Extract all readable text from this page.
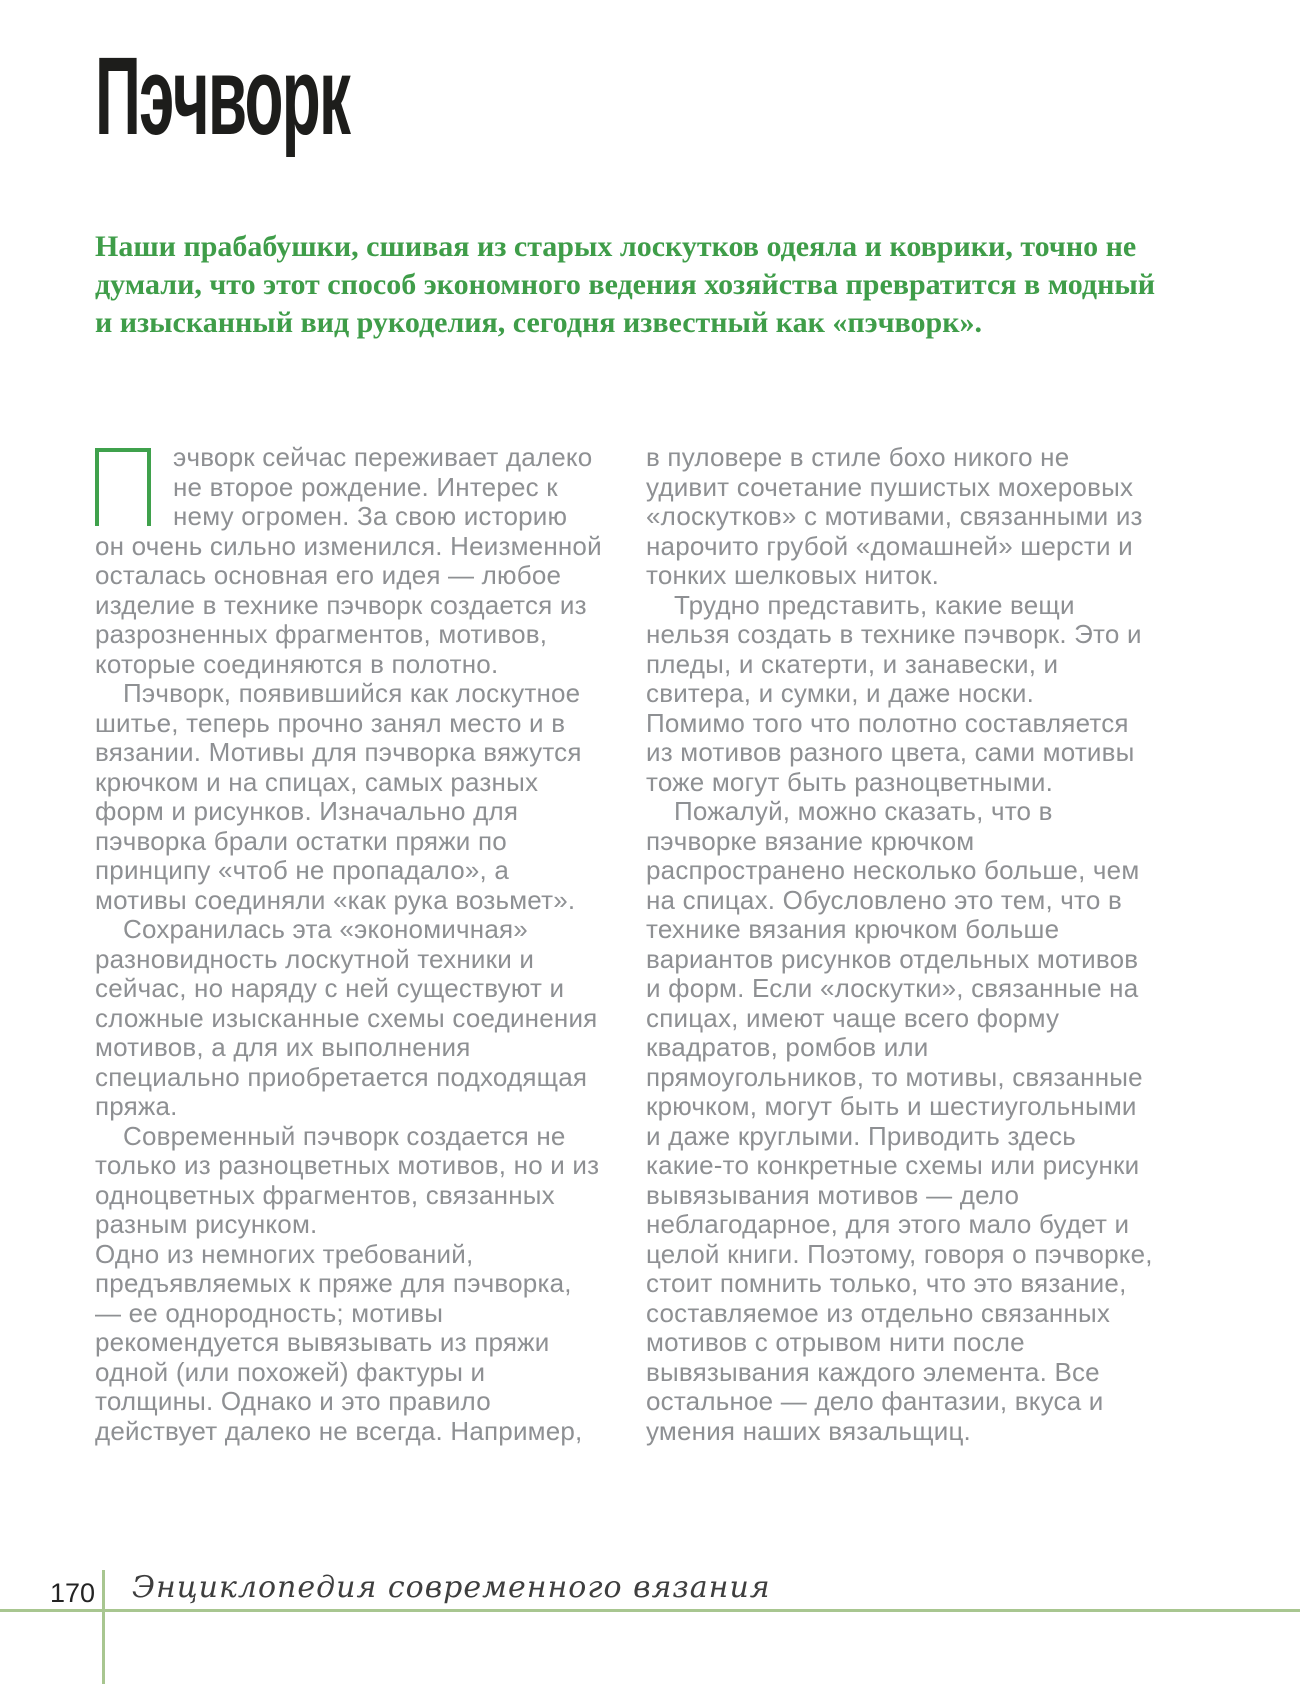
Пэчворк

Наши прабабушки, сшивая из старых лоскутков одеяла и коврики, точно не думали, что этот способ экономного ведения хозяйства превратится в модный и изысканный вид рукоделия, сегодня известный как «пэчворк».

эчворк сейчас переживает далеко не второе рождение. Интерес к нему огромен. За свою историю он очень сильно изменился. Неизменной осталась основная его идея — любое изделие в технике пэчворк создается из разрозненных фрагментов, мотивов, которые соединяются в полотно.

Пэчворк, появившийся как лоскутное шитье, теперь прочно занял место и в вязании. Мотивы для пэчворка вяжутся крючком и на спицах, самых разных форм и рисунков. Изначально для пэчворка брали остатки пряжи по принципу «чтоб не пропадало», а мотивы соединяли «как рука возьмет».

Сохранилась эта «экономичная» разновидность лоскутной техники и сейчас, но наряду с ней существуют и сложные изысканные схемы соединения мотивов, а для их выполнения специально приобретается подходящая пряжа.

Современный пэчворк создается не только из разноцветных мотивов, но и из одноцветных фрагментов, связанных разным рисунком.

Одно из немногих требований, предъявляемых к пряже для пэчворка, — ее однородность; мотивы рекомендуется вывязывать из пряжи одной (или похожей) фактуры и толщины. Однако и это правило действует далеко не всегда. Например,

в пуловере в стиле бохо никого не удивит сочетание пушистых мохеровых «лоскутков» с мотивами, связанными из нарочито грубой «домашней» шерсти и тонких шелковых ниток.

Трудно представить, какие вещи нельзя создать в технике пэчворк. Это и пледы, и скатерти, и занавески, и свитера, и сумки, и даже носки.

Помимо того что полотно составляется из мотивов разного цвета, сами мотивы тоже могут быть разноцветными.

Пожалуй, можно сказать, что в пэчворке вязание крючком распространено несколько больше, чем на спицах. Обусловлено это тем, что в технике вязания крючком больше вариантов рисунков отдельных мотивов и форм. Если «лоскутки», связанные на спицах, имеют чаще всего форму квадратов, ромбов или прямоугольников, то мотивы, связанные крючком, могут быть и шестиугольными и даже круглыми. Приводить здесь какие-то конкретные схемы или рисунки вывязывания мотивов — дело неблагодарное, для этого мало будет и целой книги. Поэтому, говоря о пэчворке, стоит помнить только, что это вязание, составляемое из отдельно связанных мотивов с отрывом нити после вывязывания каждого элемента. Все остальное — дело фантазии, вкуса и умения наших вязальщиц.

170 Энциклопедия современного вязания
